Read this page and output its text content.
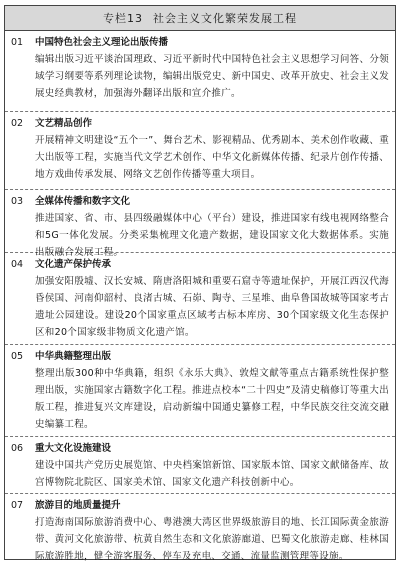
专栏13 社会主义文化繁荣发展工程
01 中国特色社会主义理论出版传播
编辑出版习近平谈治国理政、习近平新时代中国特色社会主义思想学习问答、分领域学习纲要等系列理论读物，编辑出版党史、新中国史、改革开放史、社会主义发展史经典教材，加强海外翻译出版和宣介推广。
02 文艺精品创作
开展精神文明建设“五个一”、舞台艺术、影视精品、优秀剧本、美术创作收藏、重大出版等工程，实施当代文学艺术创作、中华文化新媒体传播、纪录片创作传播、地方戏曲传承发展、网络文艺创作传播等重大项目。
03 全媒体传播和数字文化
推进国家、省、市、县四级融媒体中心（平台）建设，推进国家有线电视网络整合和5G一体化发展。分类采集梳理文化遗产数据，建设国家文化大数据体系。实施出版融合发展工程。
04 文化遗产保护传承
加强安阳殷墟、汉长安城、隋唐洛阳城和重要石窟寺等遗址保护，开展江西汉代海昏侯国、河南仰韶村、良渚古城、石峁、陶寺、三星堆、曲阜鲁国故城等国家考古遗址公园建设。建设20个国家重点区域考古标本库房、30个国家级文化生态保护区和20个国家级非物质文化遗产馆。
05 中华典籍整理出版
整理出版300种中华典籍，组织《永乐大典》、敦煌文献等重点古籍系统性保护整理出版，实施国家古籍数字化工程。推进点校本“二十四史”及清史稿修订等重大出版工程，推进复兴文库建设，启动新编中国通史纂修工程，中华民族交往交流交融史编纂工程。
06 重大文化设施建设
建设中国共产党历史展览馆、中央档案馆新馆、国家版本馆、国家文献储备库、故宫博物院北院区、国家美术馆、国家文化遗产科技创新中心。
07 旅游目的地质量提升
打造海南国际旅游消费中心、粤港澳大湾区世界级旅游目的地、长江国际黄金旅游带、黄河文化旅游带、杭黄自然生态和文化旅游廊道、巴蜀文化旅游走廊、桂林国际旅游胜地，健全游客服务、停车及充电、交通、流量监测管理等设施。
